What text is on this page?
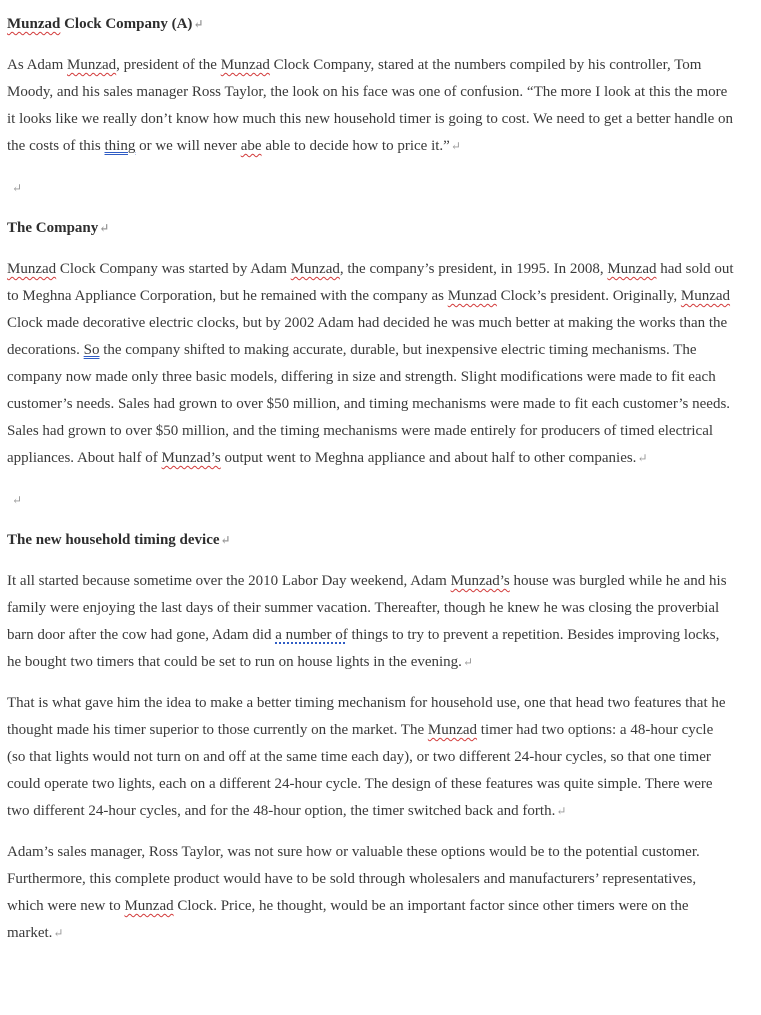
Munzad Clock Company (A)↵

As Adam Munzad, president of the Munzad Clock Company, stared at the numbers compiled by his controller, Tom Moody, and his sales manager Ross Taylor, the look on his face was one of confusion. “The more I look at this the more it looks like we really don’t know how much this new household timer is going to cost. We need to get a better handle on the costs of this thing or we will never abe able to decide how to price it.”↵

↵
The Company↵

Munzad Clock Company was started by Adam Munzad, the company’s president, in 1995. In 2008, Munzad had sold out to Meghna Appliance Corporation, but he remained with the company as Munzad Clock’s president. Originally, Munzad Clock made decorative electric clocks, but by 2002 Adam had decided he was much better at making the works than the decorations. So the company shifted to making accurate, durable, but inexpensive electric timing mechanisms. The company now made only three basic models, differing in size and strength. Slight modifications were made to fit each customer’s needs. Sales had grown to over $50 million, and timing mechanisms were made to fit each customer’s needs. Sales had grown to over $50 million, and the timing mechanisms were made entirely for producers of timed electrical appliances. About half of Munzad’s output went to Meghna appliance and about half to other companies.↵

↵
The new household timing device↵

It all started because sometime over the 2010 Labor Day weekend, Adam Munzad’s house was burgled while he and his family were enjoying the last days of their summer vacation. Thereafter, though he knew he was closing the proverbial barn door after the cow had gone, Adam did a number of things to try to prevent a repetition. Besides improving locks, he bought two timers that could be set to run on house lights in the evening.↵

That is what gave him the idea to make a better timing mechanism for household use, one that head two features that he thought made his timer superior to those currently on the market. The Munzad timer had two options: a 48-hour cycle (so that lights would not turn on and off at the same time each day), or two different 24-hour cycles, so that one timer could operate two lights, each on a different 24-hour cycle. The design of these features was quite simple. There were two different 24-hour cycles, and for the 48-hour option, the timer switched back and forth.↵

Adam’s sales manager, Ross Taylor, was not sure how or valuable these options would be to the potential customer. Furthermore, this complete product would have to be sold through wholesalers and manufacturers’ representatives, which were new to Munzad Clock. Price, he thought, would be an important factor since other timers were on the market.↵
